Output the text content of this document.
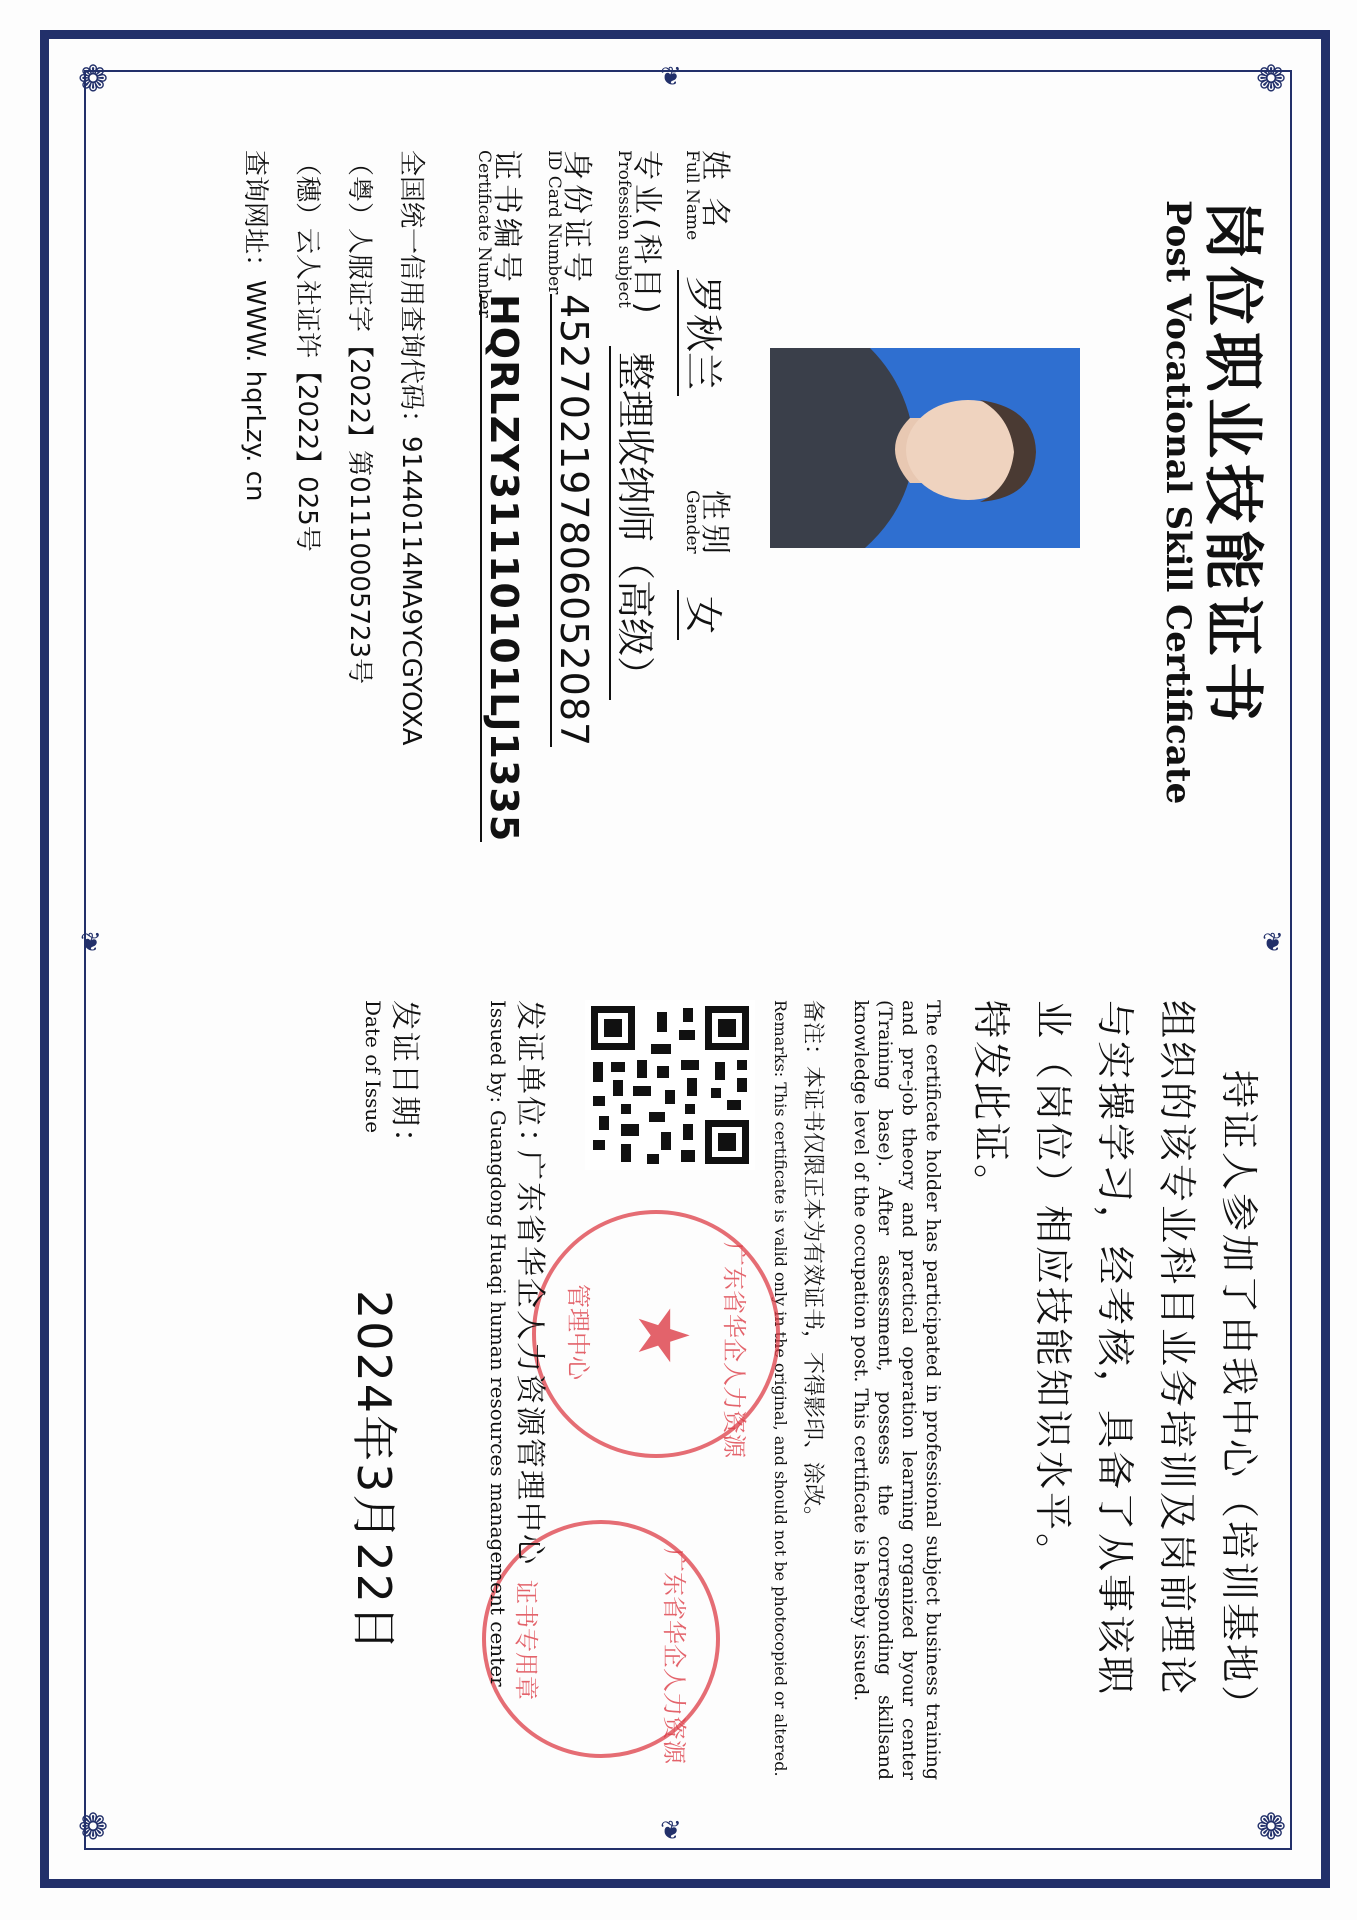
❁	❁
❁	❁
❦
❦
❦	❦
岗位职业技能证书
Post Vocational Skill Certificate
姓 名
Full Name
罗秋兰
性别
Gender
女
专业(科目)
Profession subject
整理收纳师（高级）
身份证号
ID Card Number
452702197806052087
证书编号
Certificate Number
HQRLZY31110101LJ1335
全国统一信用查询代码：91440114MA9YCGYOXA
（粤）人服证字【2022】第01110005723号
（穗）云人社证许【2022】025号
查询网址：WWW. hqrLzy. cn
持证人参加了由我中心（培训基地）
组织的该专业科目业务培训及岗前理论
与实操学习，经考核，具备了从事该职
业（岗位）相应技能知识水平。
特发此证。
The certificate holder has participated in professional subject business training and pre-job theory and practical operation learning organized byour center (Training base). After assessment, possess the corresponding skillsand knowledge level of the occupation post. This certificate is hereby issued.
备注：本证书仅限正本为有效证书，不得影印、涂改。
Remarks: This certificate is valid only in the original, and should not be photocopied or altered.
广东省华企人力资源
★
管理中心
广东省华企人力资源
证书专用章
发证单位：
广东省华企人力资源管理中心
Issued by:
Guangdong Huaqi human resources management center
发证日期：
Date of Issue
2024年3月22日
